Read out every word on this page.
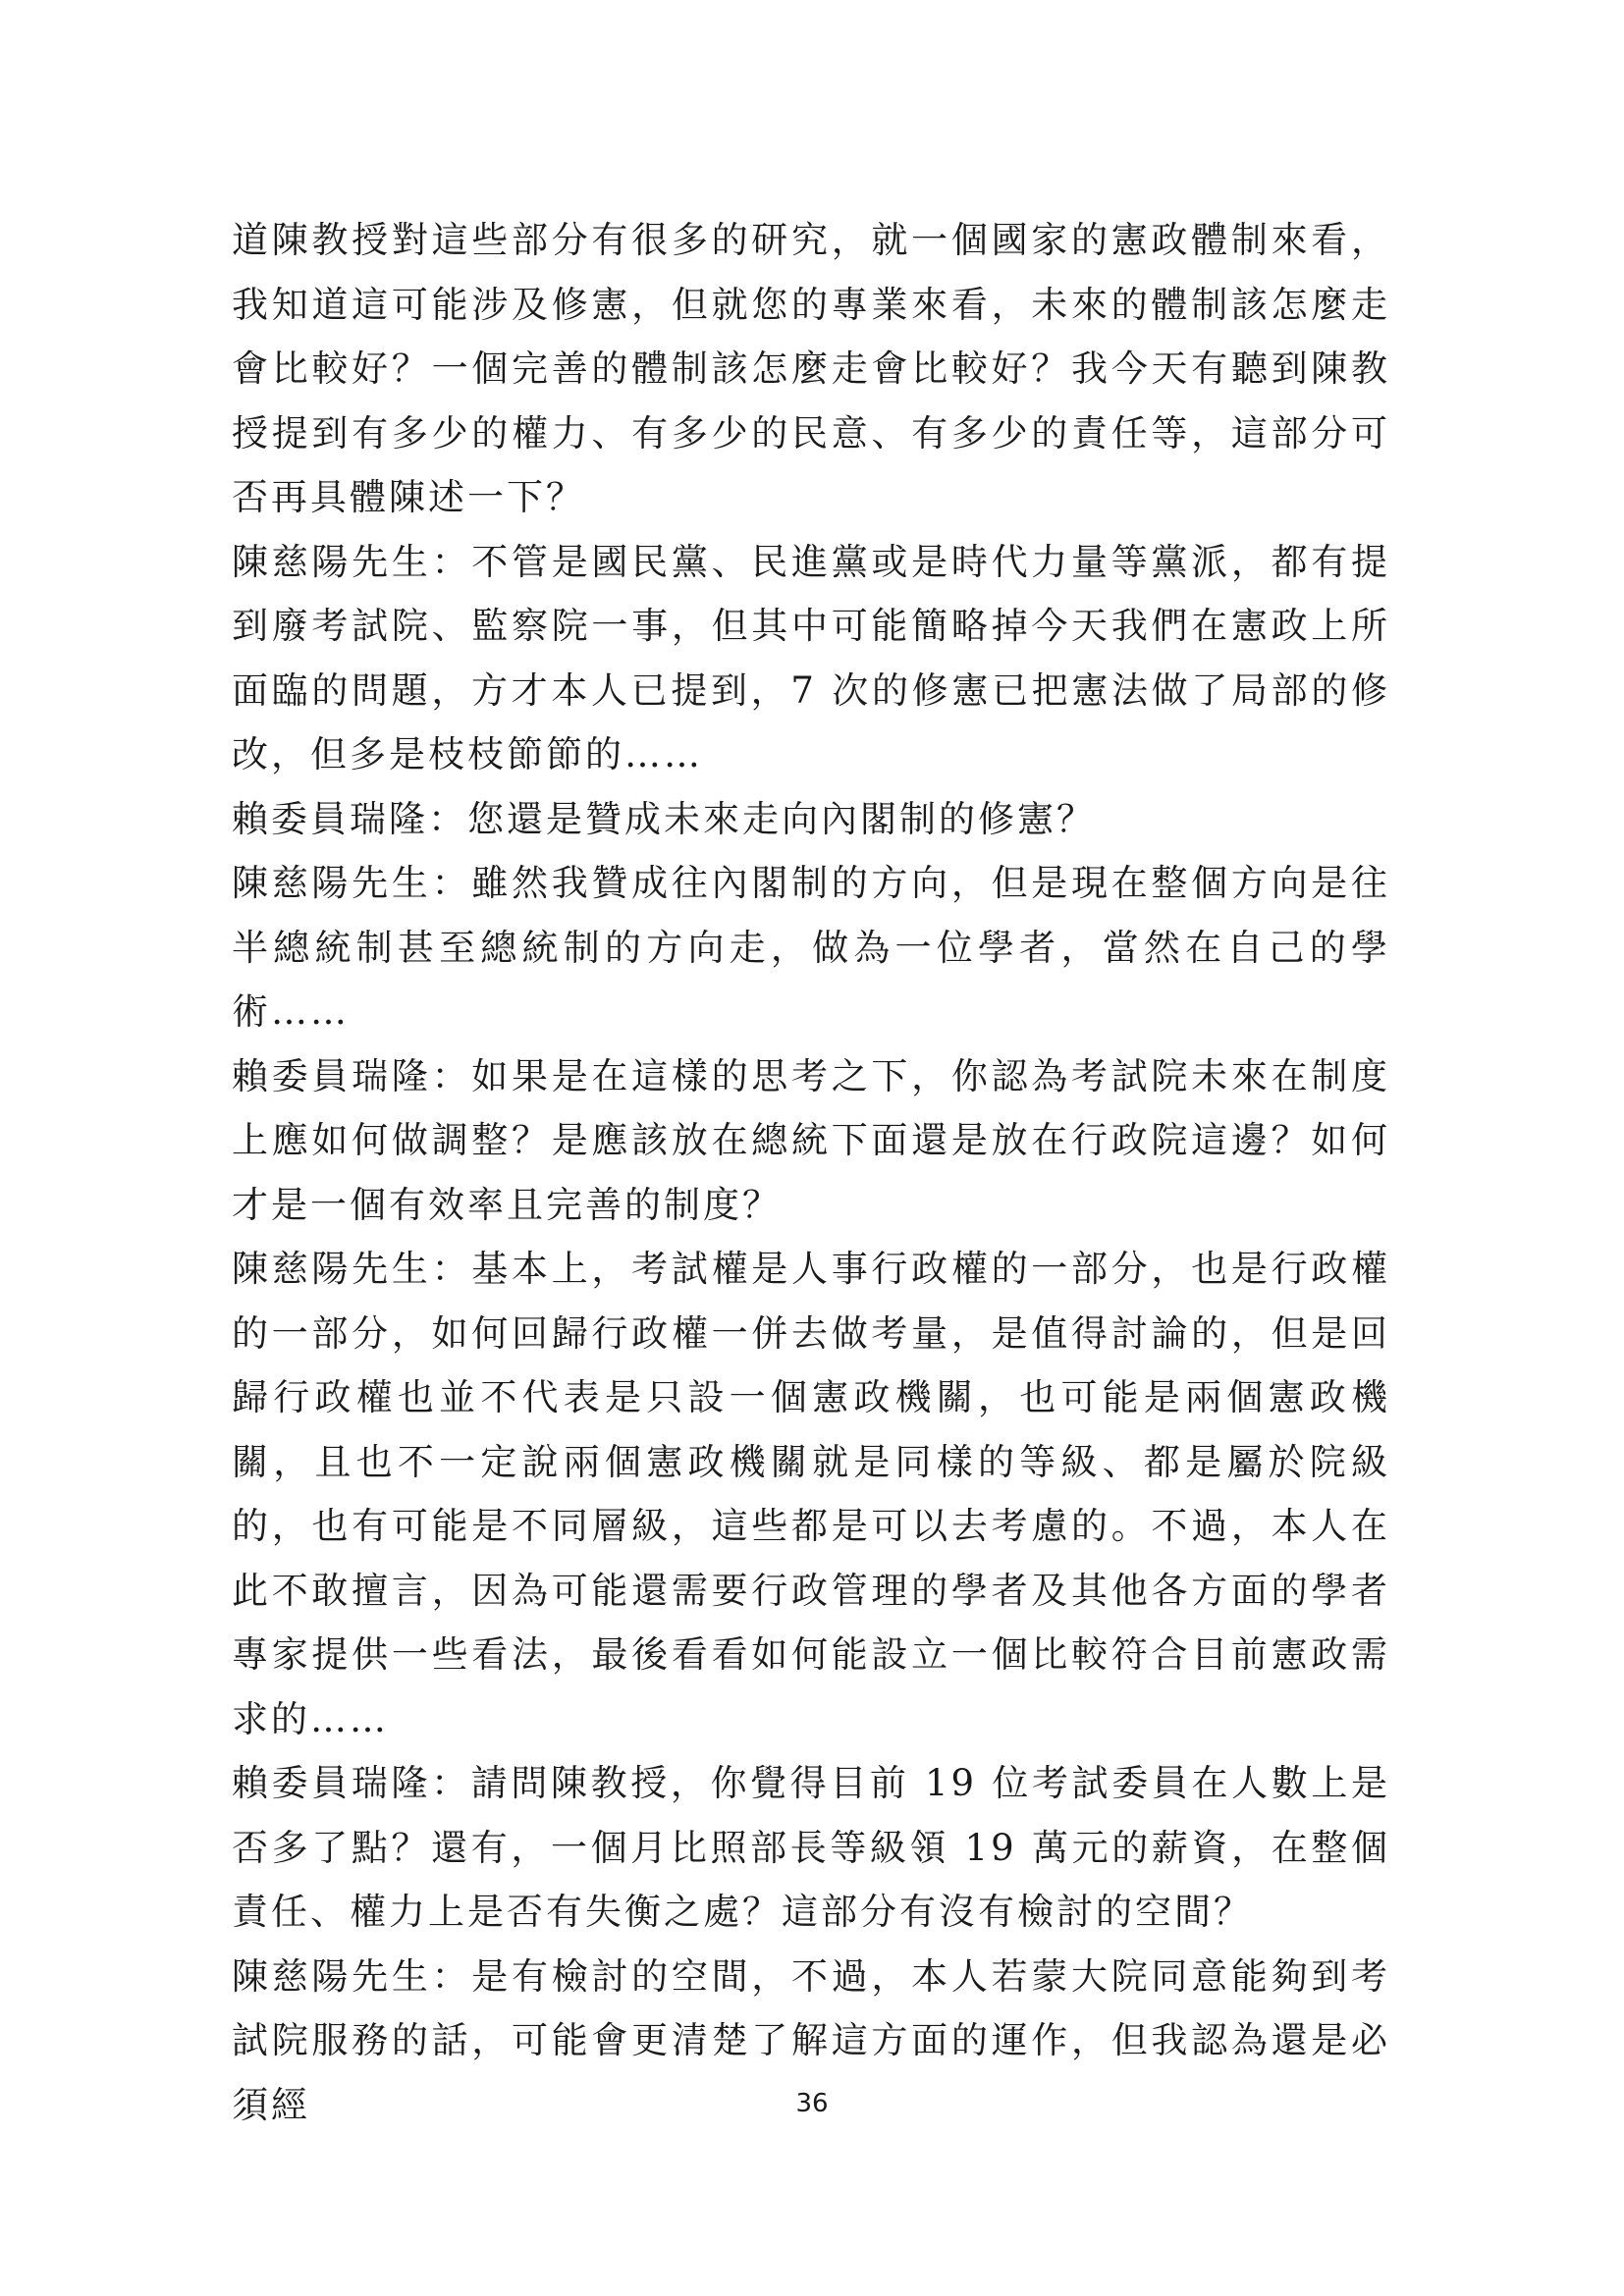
道陳教授對這些部分有很多的研究，就一個國家的憲政體制來看，我知道這可能涉及修憲，但就您的專業來看，未來的體制該怎麼走會比較好？一個完善的體制該怎麼走會比較好？我今天有聽到陳教授提到有多少的權力、有多少的民意、有多少的責任等，這部分可否再具體陳述一下？

陳慈陽先生：不管是國民黨、民進黨或是時代力量等黨派，都有提到廢考試院、監察院一事，但其中可能簡略掉今天我們在憲政上所面臨的問題，方才本人已提到，7 次的修憲已把憲法做了局部的修改，但多是枝枝節節的……

賴委員瑞隆：您還是贊成未來走向內閣制的修憲？

陳慈陽先生：雖然我贊成往內閣制的方向，但是現在整個方向是往半總統制甚至總統制的方向走，做為一位學者，當然在自己的學術……

賴委員瑞隆：如果是在這樣的思考之下，你認為考試院未來在制度上應如何做調整？是應該放在總統下面還是放在行政院這邊？如何才是一個有效率且完善的制度？

陳慈陽先生：基本上，考試權是人事行政權的一部分，也是行政權的一部分，如何回歸行政權一併去做考量，是值得討論的，但是回歸行政權也並不代表是只設一個憲政機關，也可能是兩個憲政機關，且也不一定說兩個憲政機關就是同樣的等級、都是屬於院級的，也有可能是不同層級，這些都是可以去考慮的。不過，本人在此不敢擅言，因為可能還需要行政管理的學者及其他各方面的學者專家提供一些看法，最後看看如何能設立一個比較符合目前憲政需求的……

賴委員瑞隆：請問陳教授，你覺得目前 19 位考試委員在人數上是否多了點？還有，一個月比照部長等級領 19 萬元的薪資，在整個責任、權力上是否有失衡之處？這部分有沒有檢討的空間？

陳慈陽先生：是有檢討的空間，不過，本人若蒙大院同意能夠到考試院服務的話，可能會更清楚了解這方面的運作，但我認為還是必須經	36
